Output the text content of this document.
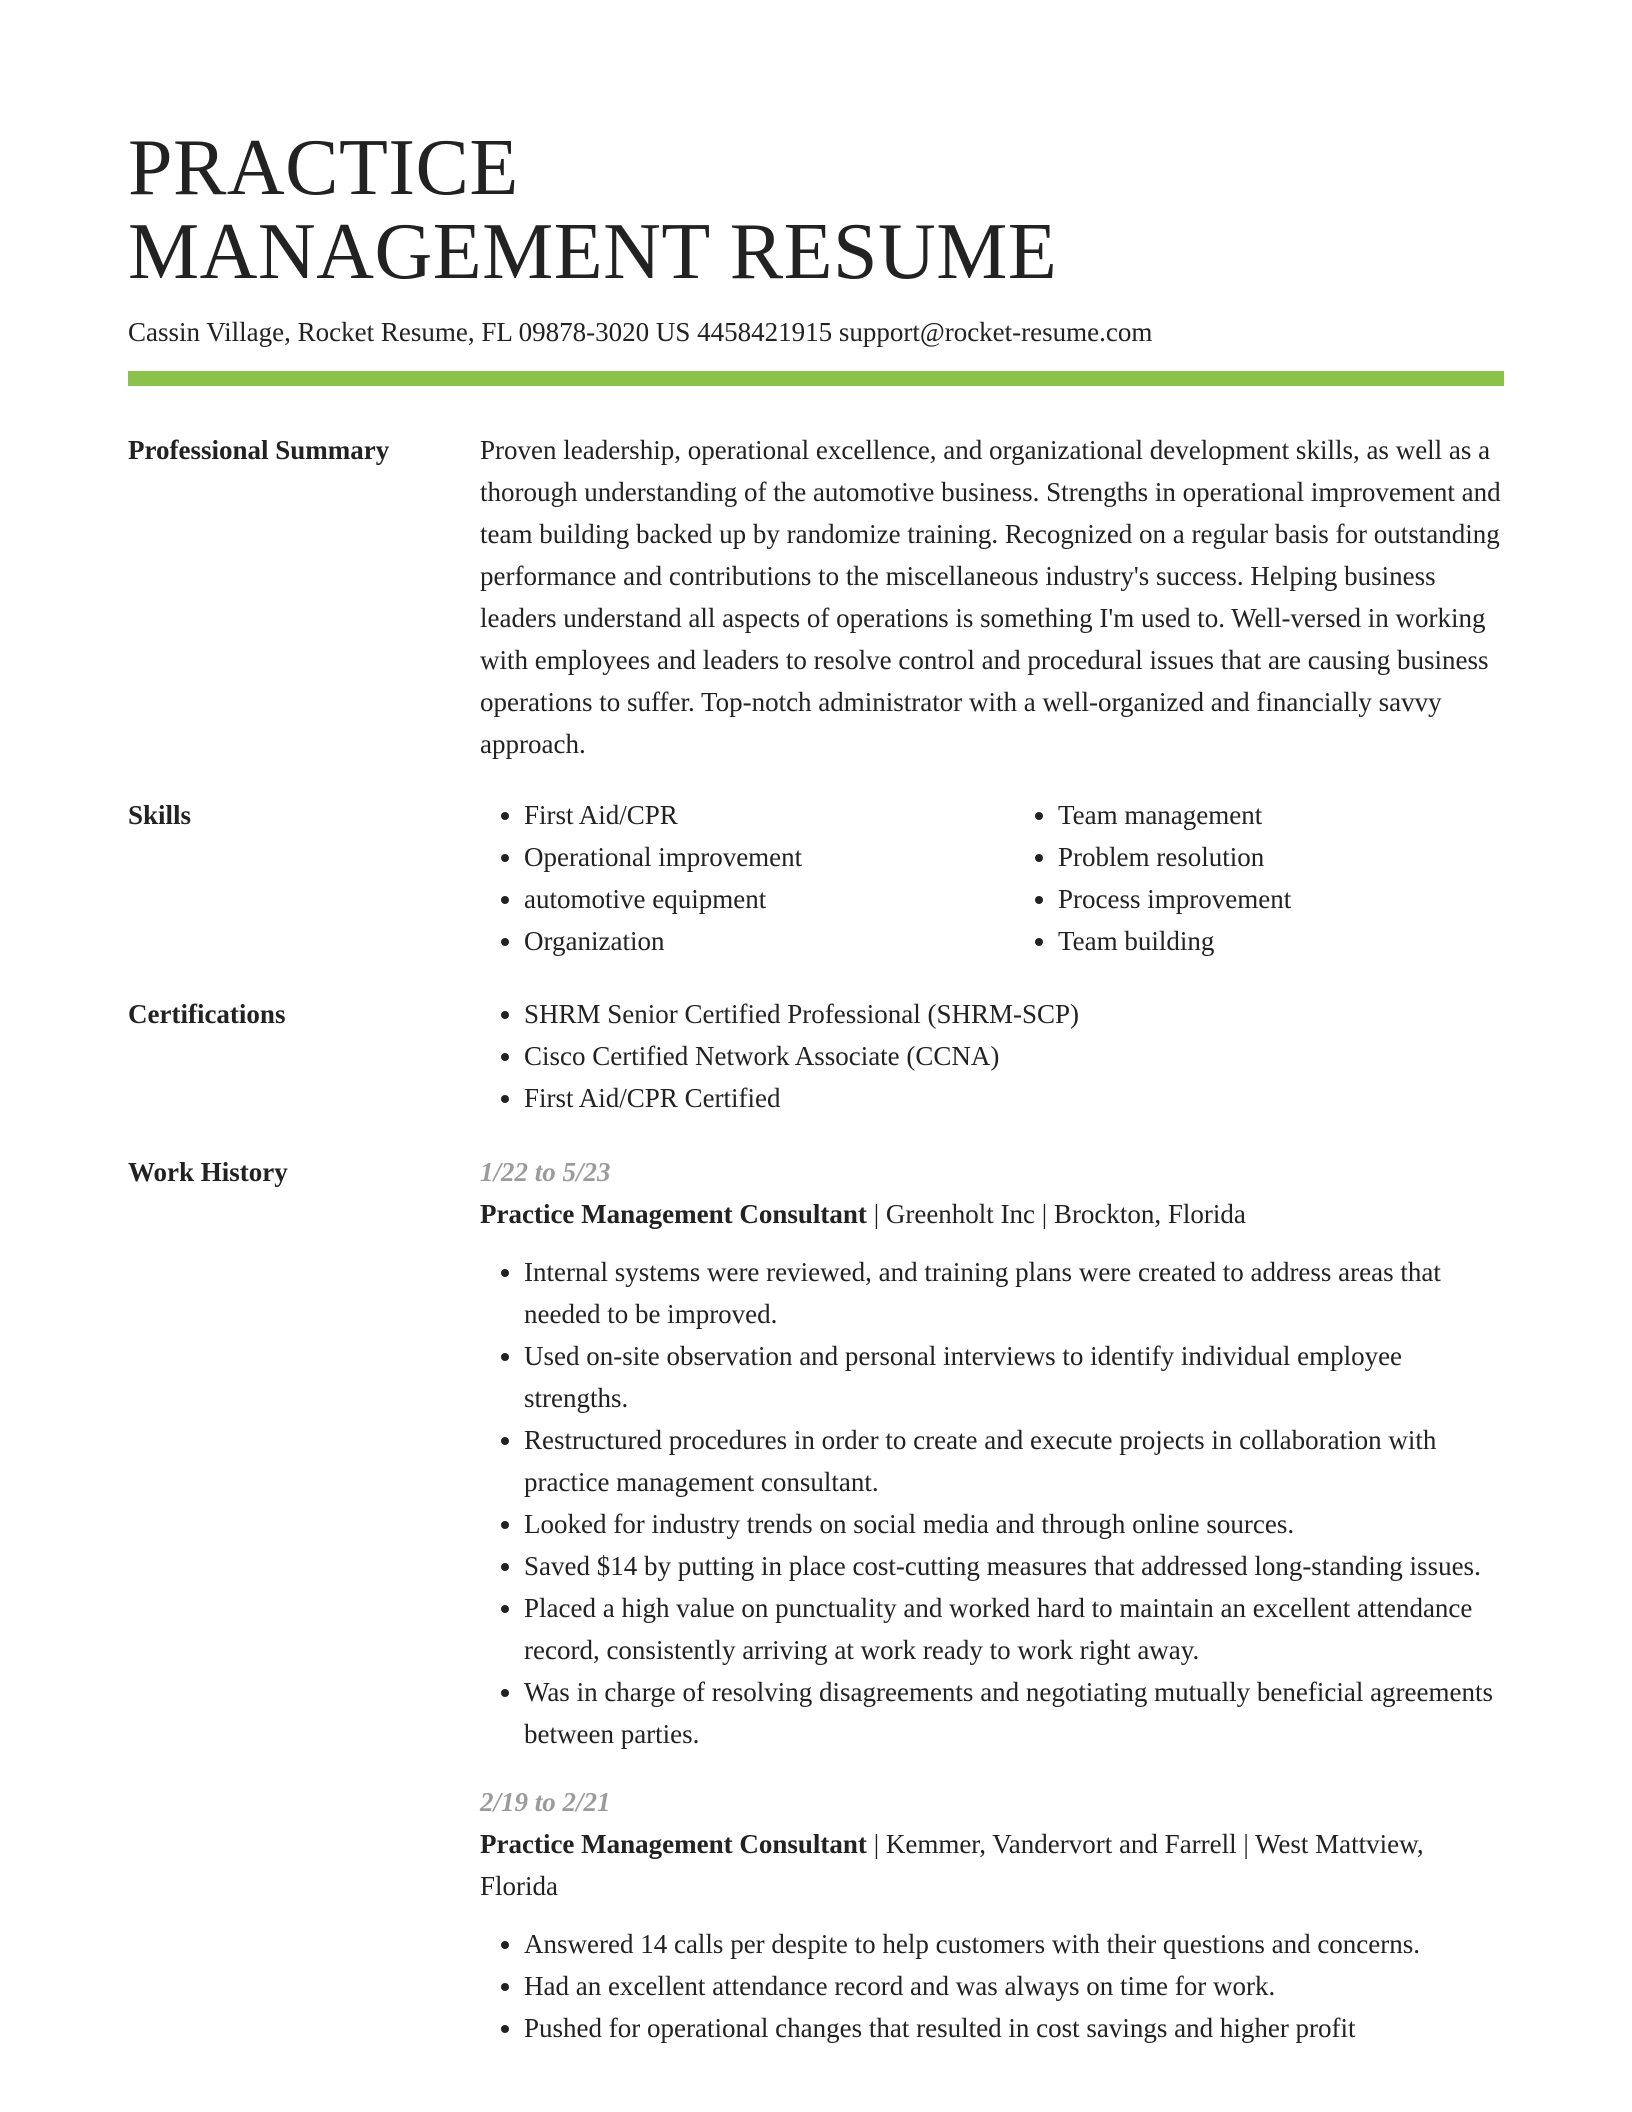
PRACTICE
MANAGEMENT RESUME
Cassin Village, Rocket Resume, FL 09878-3020 US 4458421915 support@rocket-resume.com
Professional Summary	Proven leadership, operational excellence, and organizational development skills, as well as a thorough understanding of the automotive business. Strengths in operational improvement and team building backed up by randomize training. Recognized on a regular basis for outstanding performance and contributions to the miscellaneous industry's success. Helping business leaders understand all aspects of operations is something I'm used to. Well-versed in working with employees and leaders to resolve control and procedural issues that are causing business operations to suffer. Top-notch administrator with a well-organized and financially savvy approach.

Skills	• First Aid/CPR
• Operational improvement
• automotive equipment
• Organization
• Team management
• Problem resolution
• Process improvement
• Team building
Certifications	• SHRM Senior Certified Professional (SHRM-SCP)
• Cisco Certified Network Associate (CCNA)
• First Aid/CPR Certified
Work History	1/22 to 5/23
Practice Management Consultant | Greenholt Inc | Brockton, Florida
• Internal systems were reviewed, and training plans were created to address areas that needed to be improved.
• Used on-site observation and personal interviews to identify individual employee strengths.
• Restructured procedures in order to create and execute projects in collaboration with practice management consultant.
• Looked for industry trends on social media and through online sources.
• Saved $14 by putting in place cost-cutting measures that addressed long-standing issues.
• Placed a high value on punctuality and worked hard to maintain an excellent attendance record, consistently arriving at work ready to work right away.
• Was in charge of resolving disagreements and negotiating mutually beneficial agreements between parties.
2/19 to 2/21
Practice Management Consultant | Kemmer, Vandervort and Farrell | West Mattview, Florida
• Answered 14 calls per despite to help customers with their questions and concerns.
• Had an excellent attendance record and was always on time for work.
• Pushed for operational changes that resulted in cost savings and higher profit
